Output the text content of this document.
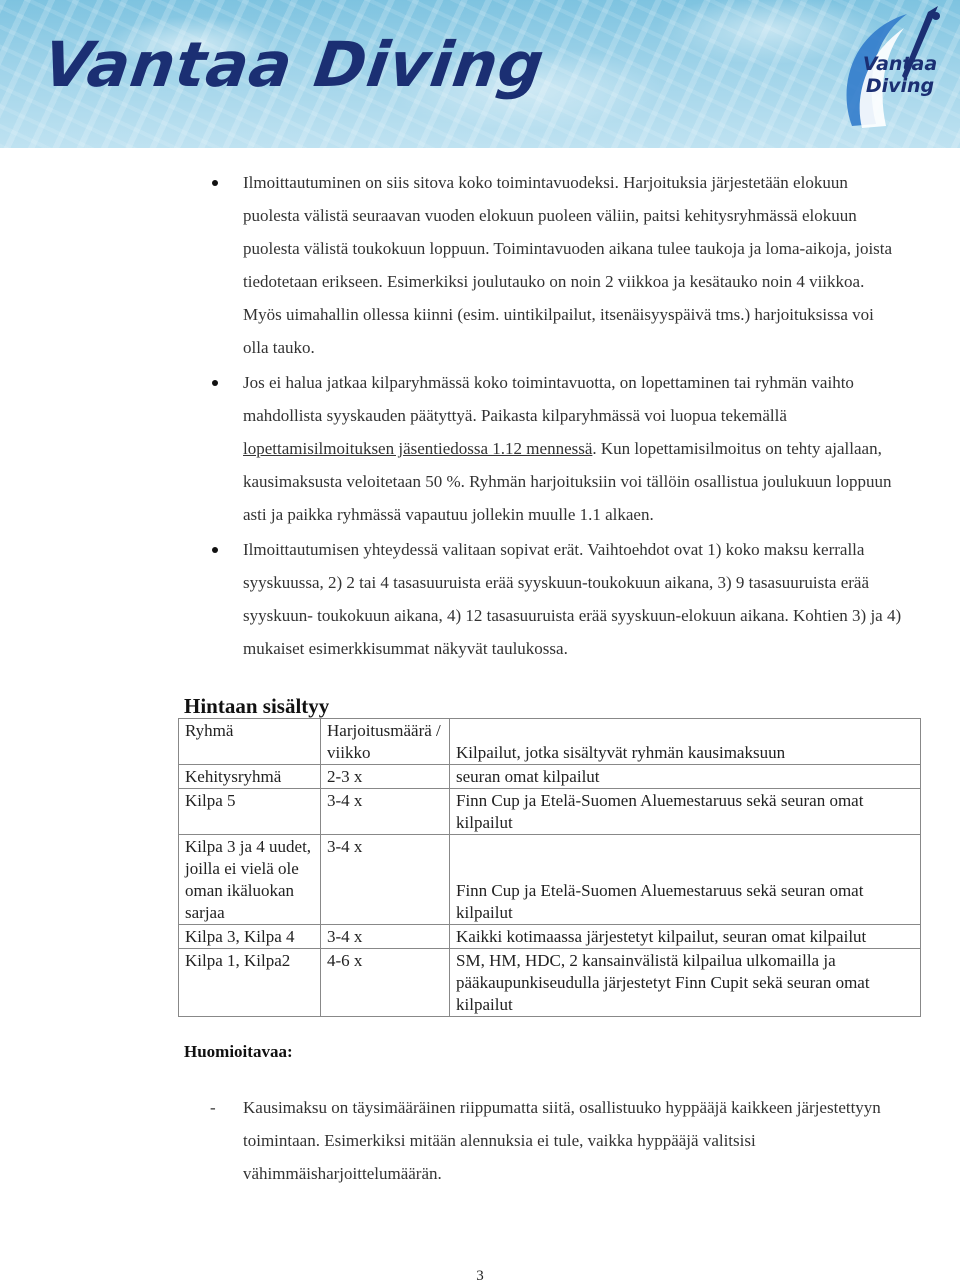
Vantaa Diving	Vantaa
Diving
Ilmoittautuminen on siis sitova koko toimintavuodeksi. Harjoituksia järjestetään elokuun puolesta välistä seuraavan vuoden elokuun puoleen väliin, paitsi kehitysryhmässä elokuun puolesta välistä toukokuun loppuun. Toimintavuoden aikana tulee taukoja ja loma-aikoja, joista tiedotetaan erikseen. Esimerkiksi joulutauko on noin 2 viikkoa ja kesätauko noin 4 viikkoa. Myös uimahallin ollessa kiinni (esim. uintikilpailut, itsenäisyyspäivä tms.) harjoituksissa voi olla tauko.
Jos ei halua jatkaa kilparyhmässä koko toimintavuotta, on lopettaminen tai ryhmän vaihto mahdollista syyskauden päätyttyä. Paikasta kilparyhmässä voi luopua tekemällä lopettamisilmoituksen jäsentiedossa 1.12 mennessä. Kun lopettamisilmoitus on tehty ajallaan, kausimaksusta veloitetaan 50 %. Ryhmän harjoituksiin voi tällöin osallistua joulukuun loppuun asti ja paikka ryhmässä vapautuu jollekin muulle 1.1 alkaen.
Ilmoittautumisen yhteydessä valitaan sopivat erät. Vaihtoehdot ovat 1) koko maksu kerralla syyskuussa, 2) 2 tai 4 tasasuuruista erää syyskuun-toukokuun aikana, 3) 9 tasasuuruista erää syyskuun- toukokuun aikana, 4) 12 tasasuuruista erää syyskuun-elokuun aikana. Kohtien 3) ja 4) mukaiset esimerkkisummat näkyvät taulukossa.
Hintaan sisältyy
Ryhmä	Harjoitusmäärä / viikko	Kilpailut, jotka sisältyvät ryhmän kausimaksuun
Kehitysryhmä	2-3 x	seuran omat kilpailut
Kilpa 5	3-4 x	Finn Cup ja Etelä-Suomen Aluemestaruus sekä seuran omat kilpailut
Kilpa 3 ja 4 uudet, joilla ei vielä ole oman ikäluokan sarjaa	3-4 x	Finn Cup ja Etelä-Suomen Aluemestaruus sekä seuran omat kilpailut
Kilpa 3, Kilpa 4	3-4 x	Kaikki kotimaassa järjestetyt kilpailut, seuran omat kilpailut
Kilpa 1, Kilpa2	4-6 x	SM, HM, HDC, 2 kansainvälistä kilpailua ulkomailla ja pääkaupunkiseudulla järjestetyt Finn Cupit sekä seuran omat kilpailut
Huomioitavaa:
- Kausimaksu on täysimääräinen riippumatta siitä, osallistuuko hyppääjä kaikkeen järjestettyyn toimintaan. Esimerkiksi mitään alennuksia ei tule, vaikka hyppääjä valitsisi vähimmäisharjoittelumäärän.
3
